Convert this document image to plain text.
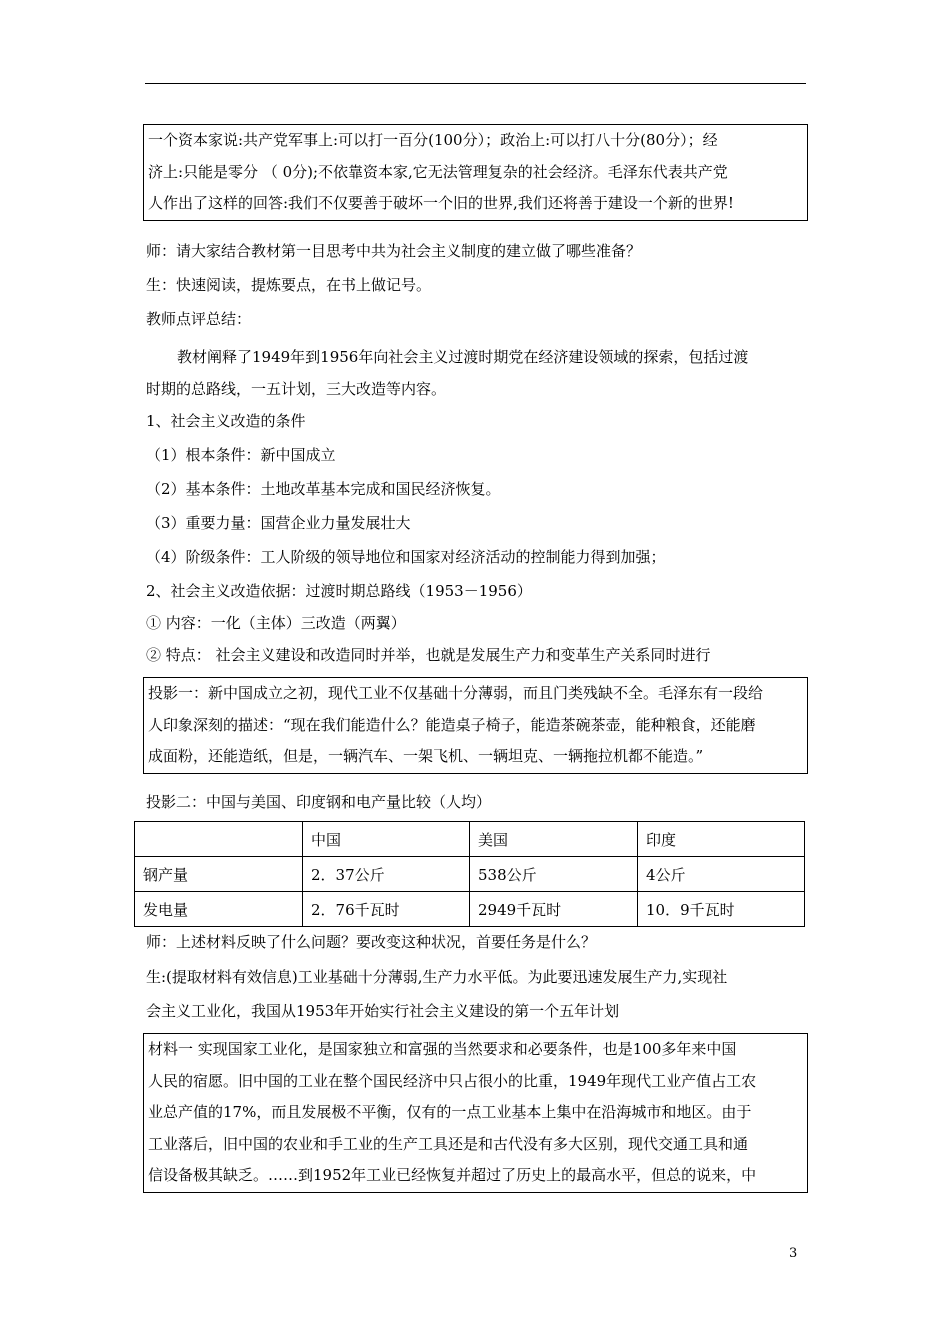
一个资本家说:共产党军事上:可以打一百分(100分）；政治上:可以打八十分(80分）；经

济上:只能是零分 （ 0分);不依靠资本家,它无法管理复杂的社会经济。毛泽东代表共产党

人作出了这样的回答:我们不仅要善于破坏一个旧的世界,我们还将善于建设一个新的世界!

师：请大家结合教材第一目思考中共为社会主义制度的建立做了哪些准备？
生：快速阅读，提炼要点，在书上做记号。
教师点评总结：
教材阐释了1949年到1956年向社会主义过渡时期党在经济建设领域的探索，包括过渡
时期的总路线，一五计划，三大改造等内容。
1、社会主义改造的条件
（1）根本条件：新中国成立
（2）基本条件：土地改革基本完成和国民经济恢复。
（3）重要力量：国营企业力量发展壮大
（4）阶级条件：工人阶级的领导地位和国家对经济活动的控制能力得到加强；
2、社会主义改造依据：过渡时期总路线（1953－1956）
① 内容：一化（主体）三改造（两翼）
② 特点： 社会主义建设和改造同时并举，也就是发展生产力和变革生产关系同时进行

投影一：新中国成立之初，现代工业不仅基础十分薄弱，而且门类残缺不全。毛泽东有一段给

人印象深刻的描述：“现在我们能造什么？能造桌子椅子，能造茶碗茶壶，能种粮食，还能磨

成面粉，还能造纸，但是，一辆汽车、一架飞机、一辆坦克、一辆拖拉机都不能造。”

投影二：中国与美国、印度钢和电产量比较（人均）
	中国	美国	印度
钢产量	2．37公斤	538公斤	4公斤
发电量	2．76千瓦时	2949千瓦时	10．9千瓦时
师：上述材料反映了什么问题？要改变这种状况，首要任务是什么？
生:(提取材料有效信息)工业基础十分薄弱,生产力水平低。为此要迅速发展生产力,实现社
会主义工业化，我国从1953年开始实行社会主义建设的第一个五年计划

材料一 实现国家工业化，是国家独立和富强的当然要求和必要条件，也是100多年来中国

人民的宿愿。旧中国的工业在整个国民经济中只占很小的比重，1949年现代工业产值占工农

业总产值的17%，而且发展极不平衡，仅有的一点工业基本上集中在沿海城市和地区。由于

工业落后，旧中国的农业和手工业的生产工具还是和古代没有多大区别，现代交通工具和通

信设备极其缺乏。……到1952年工业已经恢复并超过了历史上的最高水平，但总的说来，中

3
